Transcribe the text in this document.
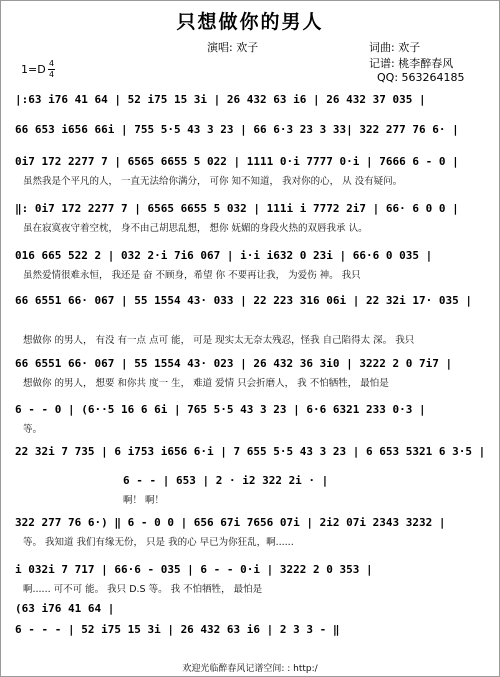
只想做你的男人
演唱: 欢子	词曲: 欢子
记谱: 桃李醉春风
QQ: 563264185
1=D 4
4
|:63 i76 41 64 | 52 i75 15 3i | 26 432 63 i6 | 26 432 37 035 |
66 653 i656 66i | 755 5·5 43 3 23 | 66 6·3 23 3 33| 322 277 76 6· |
0i7 172 2277 7 | 6565 6655 5 022 | 1111 0·i 7777 0·i | 7666 6 - 0 |
虽然我是个平凡的人， 一直无法给你满分， 可你 知不知道， 我对你的心， 从 没有疑问。
‖: 0i7 172 2277 7 | 6565 6655 5 032 | 111i i 7772 2i7 | 66· 6 0 0 |
虽在寂寞夜守着空枕， 身不由己胡思乱想， 想你 妩媚的身段火热的双唇我承 认。
016 665 522 2 | 032 2·i 7i6 067 | i·i i632 0 23i | 66·6 0 035 |
虽然爱情很难永恒， 我还是 奋 不顾身，希望 你 不要再让我， 为爱伤 神。 我只
66 6551 66· 067 | 55 1554 43· 033 | 22 223 316 06i | 22 32i 17· 035 |
想做你 的男人， 有没 有一点 点可 能， 可是 现实太无奈太残忍，怪我 自己陷得太 深。 我只
66 6551 66· 067 | 55 1554 43· 023 | 26 432 36 3i0 | 3222 2 0 7i7 |
想做你 的男人， 想要 和你共 度一 生， 难道 爱情 只会折磨人， 我 不怕牺牲， 最怕是
6 - - 0 | (6··5 16 6 6i | 765 5·5 43 3 23 | 6·6 6321 233 0·3 |
等。
22 32i 7 735 | 6 i753 i656 6·i | 7 655 5·5 43 3 23 | 6 653 5321 6 3·5 |
6 - - | 653 | 2 · i2 322 2i · |
啊！ 啊！
322 277 76 6·) ‖ 6 - 0 0 | 656 67i 7656 07i | 2i2 07i 2343 3232 |
等。 我知道 我们有缘无份， 只是 我的心 早已为你狂乱，啊......
i 032i 7 717 | 66·6 - 035 | 6 - - 0·i | 3222 2 0 353 |
啊...... 可不可 能。 我只 D.S 等。 我 不怕牺牲， 最怕是
(63 i76 41 64 |
6 - - - | 52 i75 15 3i | 26 432 63 i6 | 2 3 3 - ‖
欢迎光临醉春风记谱空间: : http:/
